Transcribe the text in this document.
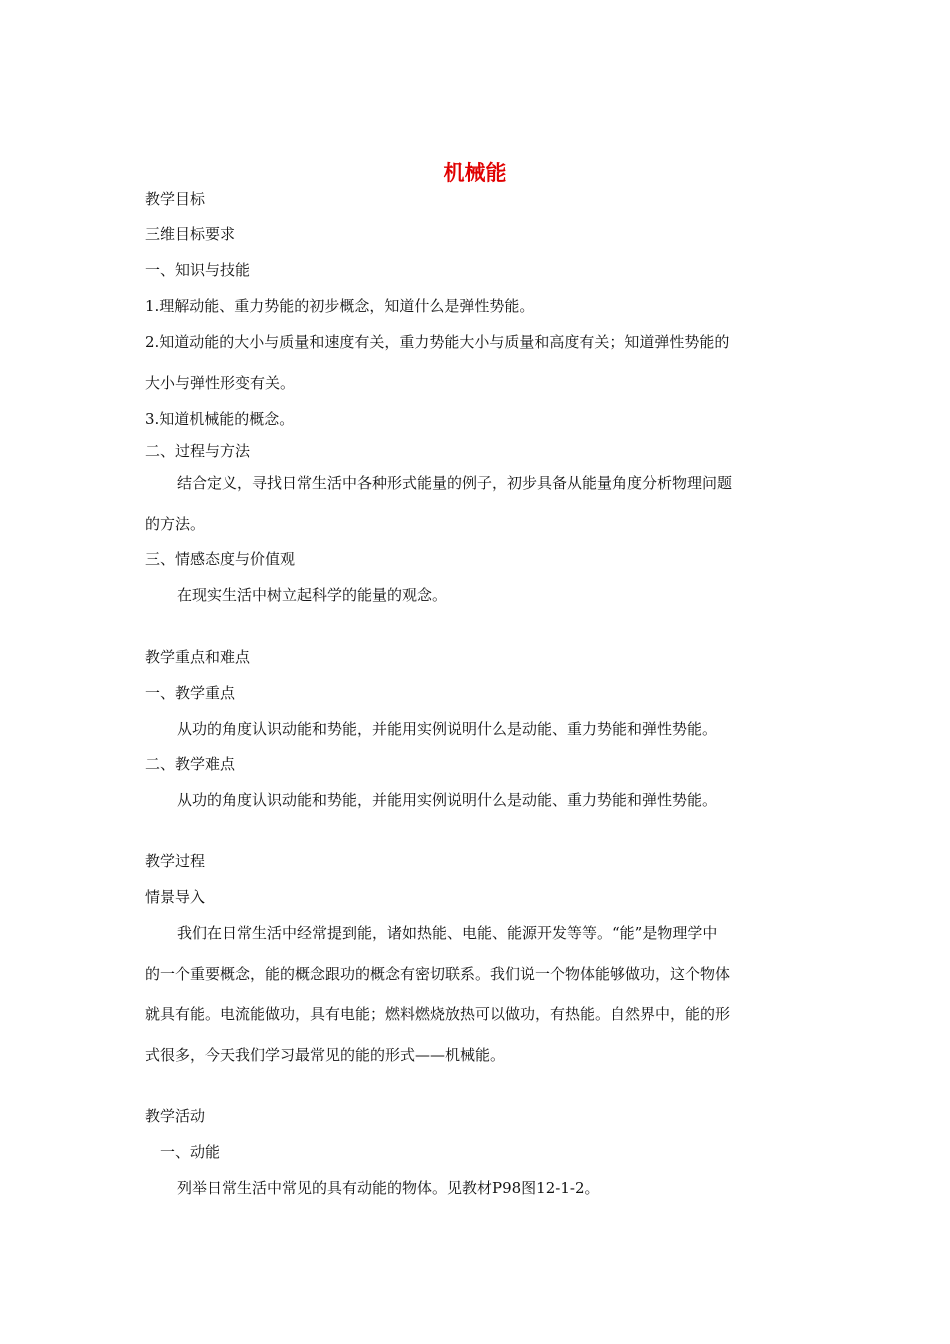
机械能
教学目标
三维目标要求
一、知识与技能
1.理解动能、重力势能的初步概念，知道什么是弹性势能。
2.知道动能的大小与质量和速度有关，重力势能大小与质量和高度有关；知道弹性势能的
大小与弹性形变有关。
3.知道机械能的概念。
二、过程与方法
结合定义，寻找日常生活中各种形式能量的例子，初步具备从能量角度分析物理问题
的方法。
三、情感态度与价值观
在现实生活中树立起科学的能量的观念。
教学重点和难点
一、教学重点
从功的角度认识动能和势能，并能用实例说明什么是动能、重力势能和弹性势能。
二、教学难点
从功的角度认识动能和势能，并能用实例说明什么是动能、重力势能和弹性势能。
教学过程
情景导入
我们在日常生活中经常提到能，诸如热能、电能、能源开发等等。“能”是物理学中
的一个重要概念，能的概念跟功的概念有密切联系。我们说一个物体能够做功，这个物体
就具有能。电流能做功，具有电能；燃料燃烧放热可以做功，有热能。自然界中，能的形
式很多，今天我们学习最常见的能的形式——机械能。
教学活动
一、动能
列举日常生活中常见的具有动能的物体。见教材P98图12-1-2。
